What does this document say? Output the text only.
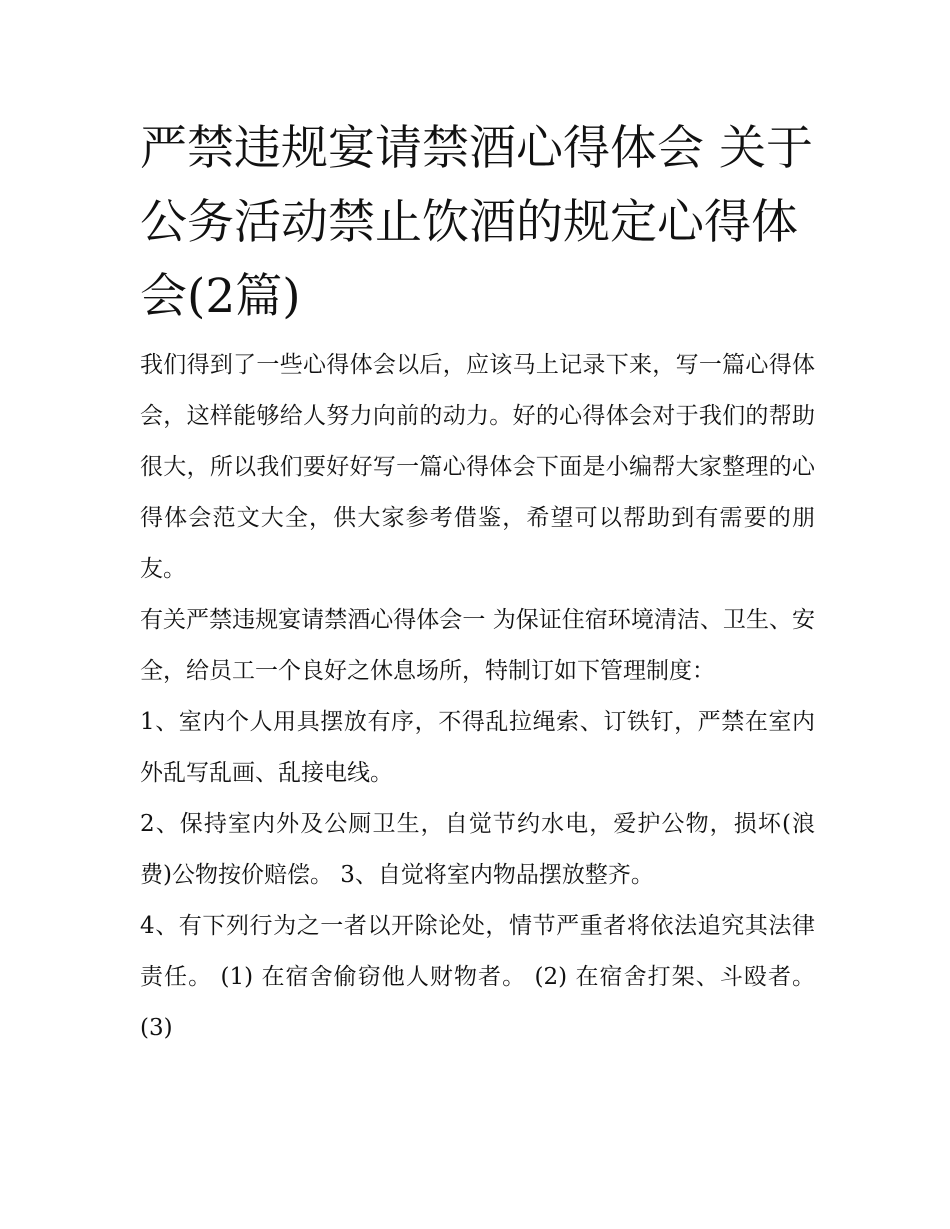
严禁违规宴请禁酒心得体会 关于公务活动禁止饮酒的规定心得体会(2篇)

我们得到了一些心得体会以后，应该马上记录下来，写一篇心得体会，这样能够给人努力向前的动力。好的心得体会对于我们的帮助很大，所以我们要好好写一篇心得体会下面是小编帮大家整理的心得体会范文大全，供大家参考借鉴，希望可以帮助到有需要的朋友。

有关严禁违规宴请禁酒心得体会一 为保证住宿环境清洁、卫生、安全，给员工一个良好之休息场所，特制订如下管理制度：

1、室内个人用具摆放有序，不得乱拉绳索、订铁钉，严禁在室内外乱写乱画、乱接电线。

2、保持室内外及公厕卫生，自觉节约水电，爱护公物，损坏(浪费)公物按价赔偿。 3、自觉将室内物品摆放整齐。

4、有下列行为之一者以开除论处，情节严重者将依法追究其法律责任。 (1) 在宿舍偷窃他人财物者。 (2) 在宿舍打架、斗殴者。 (3)
